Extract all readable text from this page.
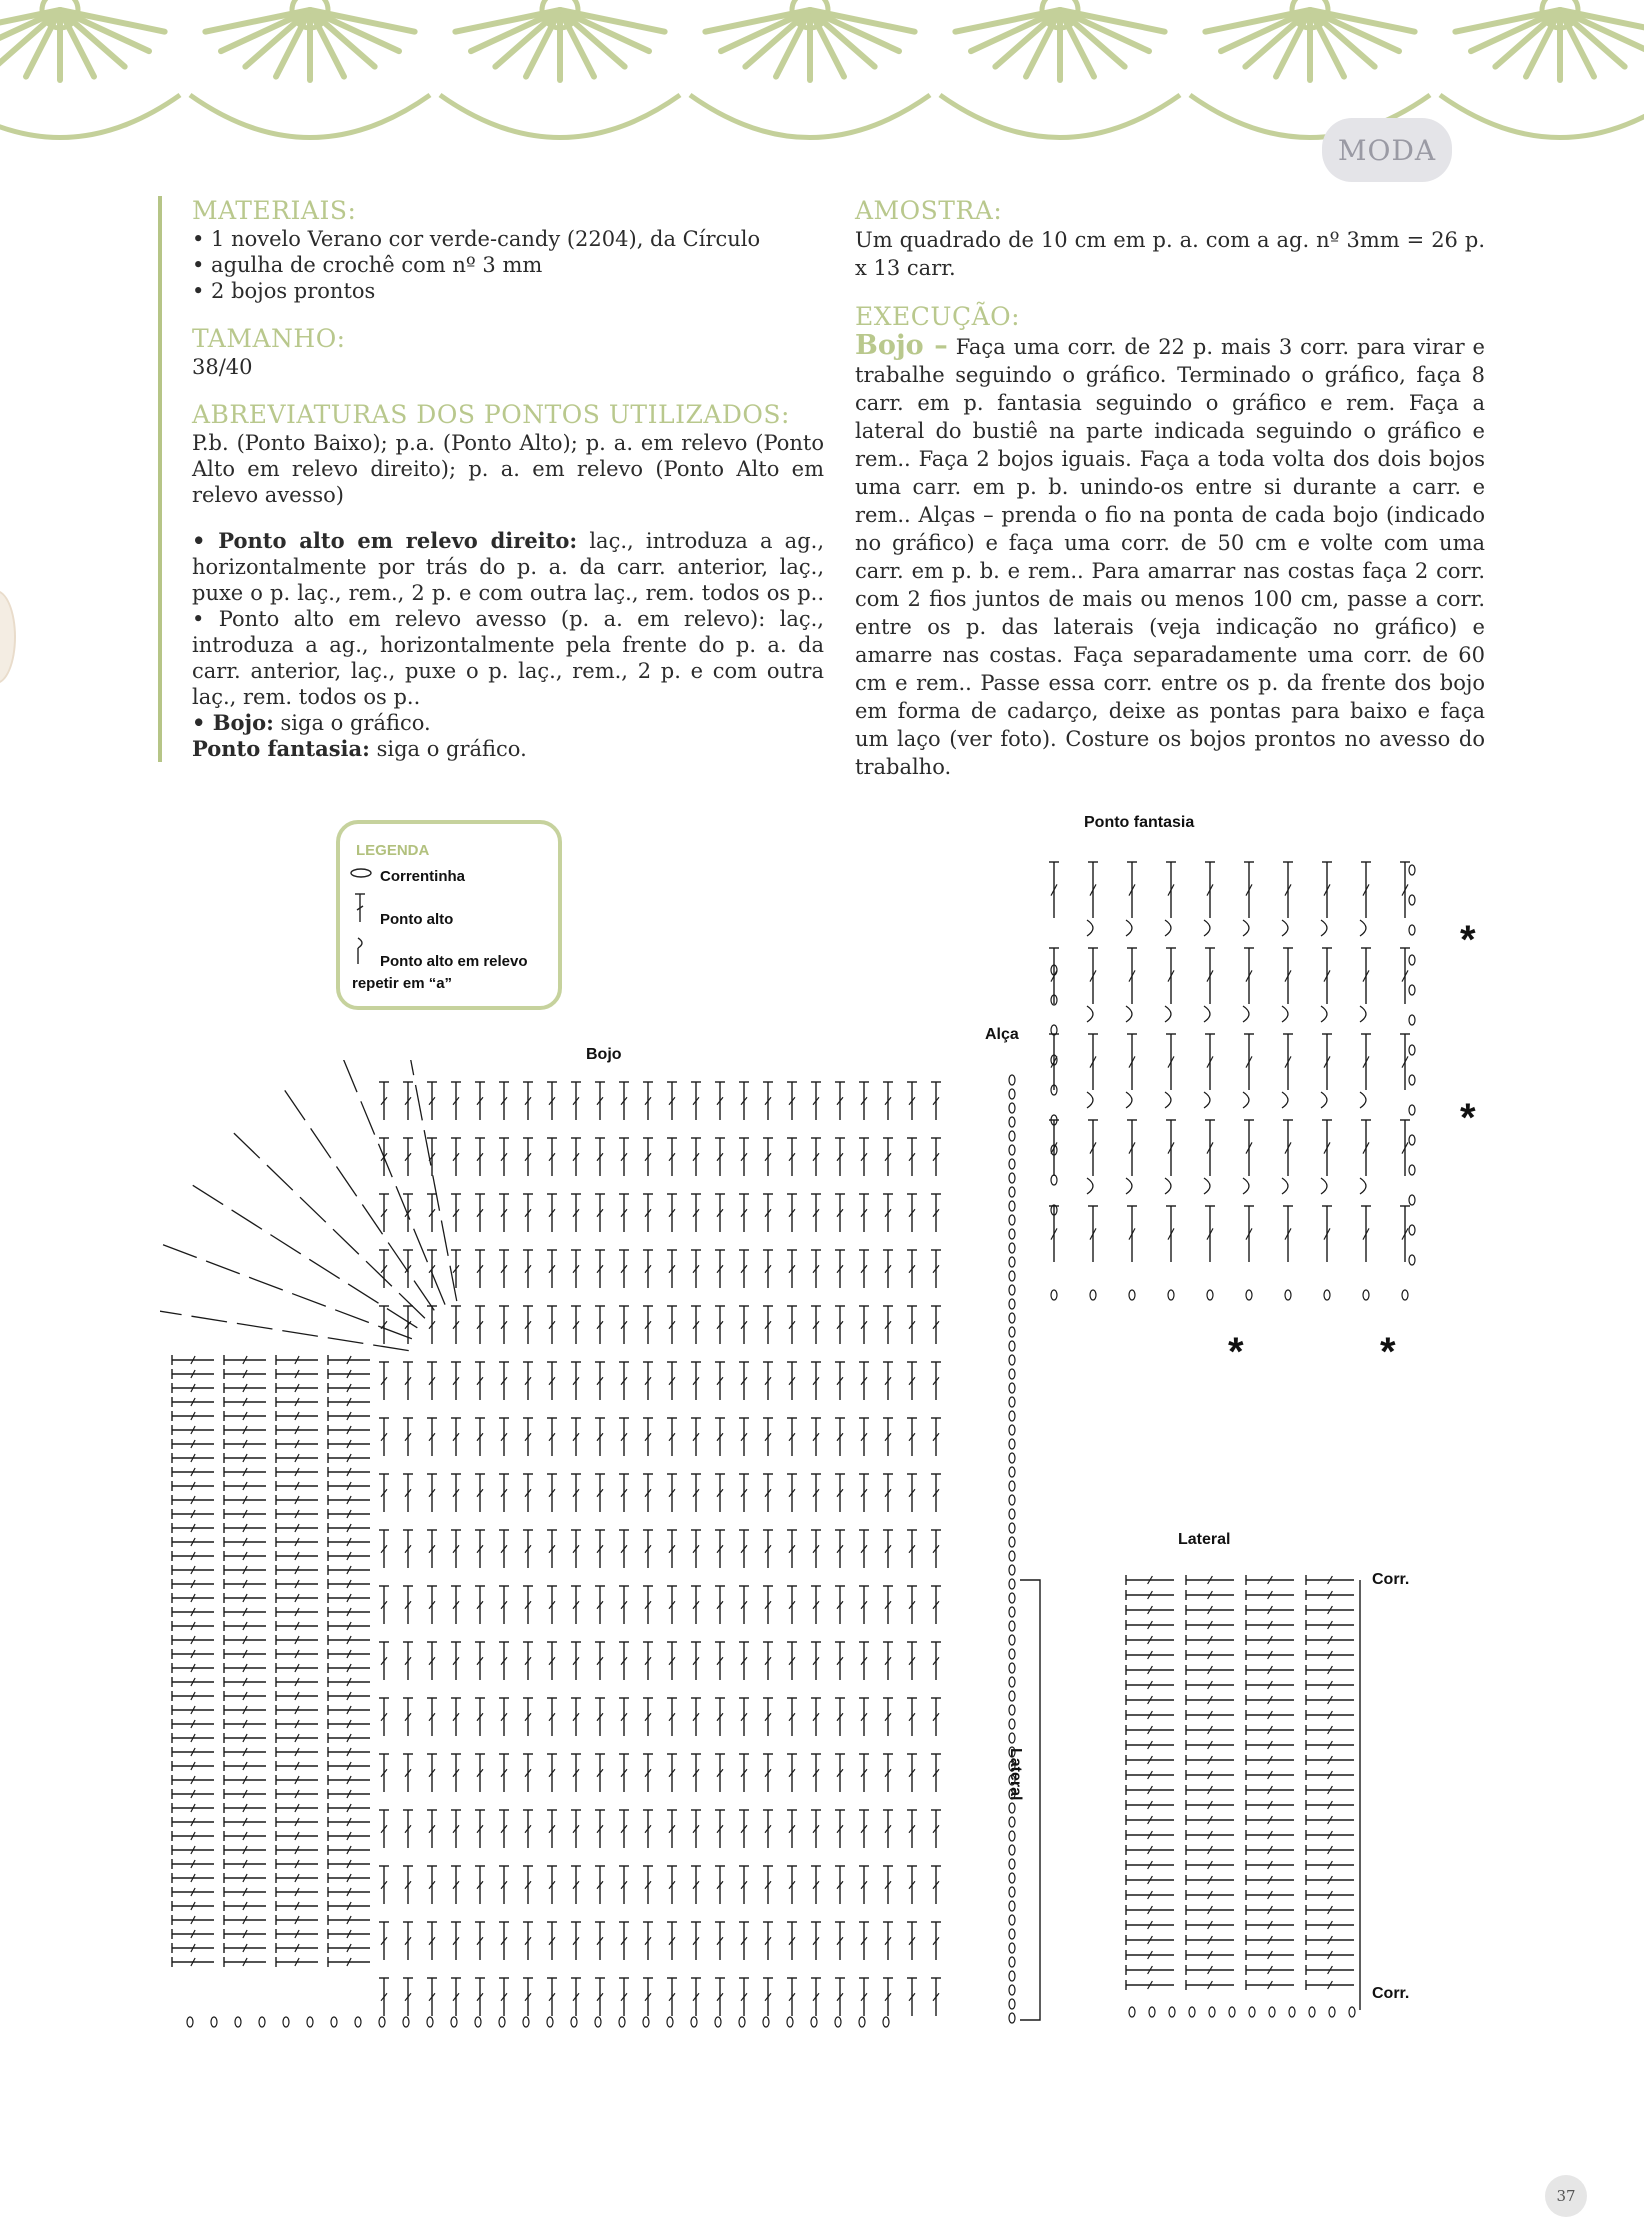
MODA
MATERIAIS:
• 1 novelo Verano cor verde-candy (2204), da Círculo
• agulha de crochê com nº 3 mm
• 2 bojos prontos
TAMANHO:
38/40
ABREVIATURAS DOS PONTOS UTILIZADOS:
P.b. (Ponto Baixo); p.a. (Ponto Alto); p. a. em relevo (Ponto Alto em relevo direito); p. a. em relevo (Ponto Alto em relevo avesso)
• Ponto alto em relevo direito: laç., introduza a ag., horizontalmente por trás do p. a. da carr. anterior, laç., puxe o p. laç., rem., 2 p. e com outra laç., rem. todos os p.. • Ponto alto em relevo avesso (p. a. em relevo): laç., introduza a ag., horizontalmente pela frente do p. a. da carr. anterior, laç., puxe o p. laç., rem., 2 p. e com outra laç., rem. todos os p..
• Bojo: siga o gráfico.
Ponto fantasia: siga o gráfico.
AMOSTRA:
Um quadrado de 10 cm em p. a. com a ag. nº 3mm = 26 p. x 13 carr.
EXECUÇÃO:
Bojo – Faça uma corr. de 22 p. mais 3 corr. para virar e trabalhe seguindo o gráfico. Terminado o gráfico, faça 8 carr. em p. fantasia seguindo o gráfico e rem. Faça a lateral do bustiê na parte indicada seguindo o gráfico e rem.. Faça 2 bojos iguais. Faça a toda volta dos dois bojos uma carr. em p. b. unindo-os entre si durante a carr. e rem.. Alças – prenda o fio na ponta de cada bojo (indicado no gráfico) e faça uma corr. de 50 cm e volte com uma carr. em p. b. e rem.. Para amarrar nas costas faça 2 corr. com 2 fios juntos de mais ou menos 100 cm, passe a corr. entre os p. das laterais (veja indicação no gráfico) e amarre nas costas. Faça separadamente uma corr. de 60 cm e rem.. Passe essa corr. entre os p. da frente dos bojo em forma de cadarço, deixe as pontas para baixo e faça um laço (ver foto). Costure os bojos prontos no avesso do trabalho.
LEGENDA
Correntinha
Ponto alto
Ponto alto em relevo
repetir em “a”
Bojo
Alça
Ponto fantasia
Lateral
Corr.
Corr.
Lateral
*
*
*	*
37
